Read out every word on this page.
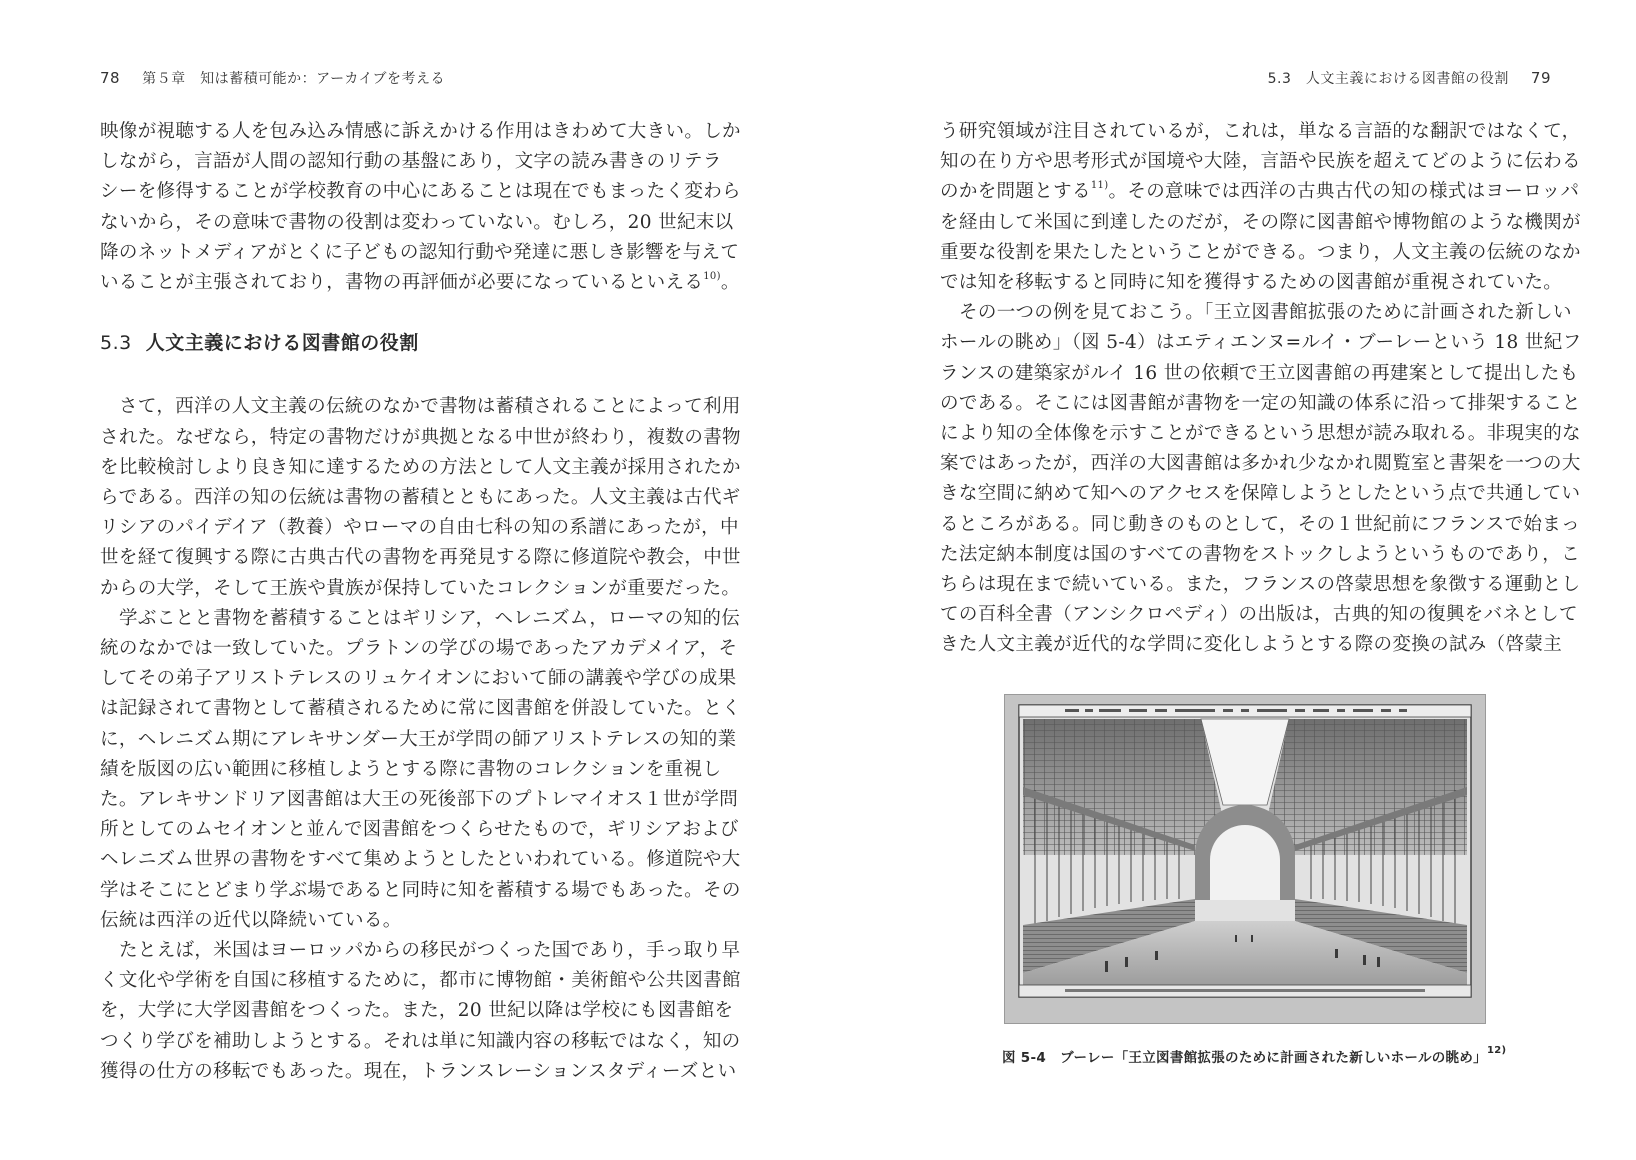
78 第５章　知は蓄積可能か：アーカイブを考える

映像が視聴する人を包み込み情感に訴えかける作用はきわめて大きい。しか
しながら，言語が人間の認知行動の基盤にあり，文字の読み書きのリテラ
シーを修得することが学校教育の中心にあることは現在でもまったく変わら
ないから，その意味で書物の役割は変わっていない。むしろ，20 世紀末以
降のネットメディアがとくに子どもの認知行動や発達に悪しき影響を与えて
いることが主張されており，書物の再評価が必要になっているといえる$^{10)}$。

5.3 人文主義における図書館の役割

さて，西洋の人文主義の伝統のなかで書物は蓄積されることによって利用
された。なぜなら，特定の書物だけが典拠となる中世が終わり，複数の書物
を比較検討しより良き知に達するための方法として人文主義が採用されたか
らである。西洋の知の伝統は書物の蓄積とともにあった。人文主義は古代ギ
リシアのパイデイア（教養）やローマの自由七科の知の系譜にあったが，中
世を経て復興する際に古典古代の書物を再発見する際に修道院や教会，中世
からの大学，そして王族や貴族が保持していたコレクションが重要だった。

学ぶことと書物を蓄積することはギリシア，ヘレニズム，ローマの知的伝
統のなかでは一致していた。プラトンの学びの場であったアカデメイア，そ
してその弟子アリストテレスのリュケイオンにおいて師の講義や学びの成果
は記録されて書物として蓄積されるために常に図書館を併設していた。とく
に，ヘレニズム期にアレキサンダー大王が学問の師アリストテレスの知的業
績を版図の広い範囲に移植しようとする際に書物のコレクションを重視し
た。アレキサンドリア図書館は大王の死後部下のプトレマイオス１世が学問
所としてのムセイオンと並んで図書館をつくらせたもので，ギリシアおよび
ヘレニズム世界の書物をすべて集めようとしたといわれている。修道院や大
学はそこにとどまり学ぶ場であると同時に知を蓄積する場でもあった。その
伝統は西洋の近代以降続いている。

たとえば，米国はヨーロッパからの移民がつくった国であり，手っ取り早
く文化や学術を自国に移植するために，都市に博物館・美術館や公共図書館
を，大学に大学図書館をつくった。また，20 世紀以降は学校にも図書館を
つくり学びを補助しようとする。それは単に知識内容の移転ではなく，知の
獲得の仕方の移転でもあった。現在，トランスレーションスタディーズとい

5.3　人文主義における図書館の役割 79

う研究領域が注目されているが，これは，単なる言語的な翻訳ではなくて，
知の在り方や思考形式が国境や大陸，言語や民族を超えてどのように伝わる
のかを問題とする$^{11)}$。その意味では西洋の古典古代の知の様式はヨーロッパ
を経由して米国に到達したのだが，その際に図書館や博物館のような機関が
重要な役割を果たしたということができる。つまり，人文主義の伝統のなか
では知を移転すると同時に知を獲得するための図書館が重視されていた。

その一つの例を見ておこう。「王立図書館拡張のために計画された新しい
ホールの眺め」（図 5-4）はエティエンヌ=ルイ・ブーレーという 18 世紀フ
ランスの建築家がルイ 16 世の依頼で王立図書館の再建案として提出したも
のである。そこには図書館が書物を一定の知識の体系に沿って排架すること
により知の全体像を示すことができるという思想が読み取れる。非現実的な
案ではあったが，西洋の大図書館は多かれ少なかれ閲覧室と書架を一つの大
きな空間に納めて知へのアクセスを保障しようとしたという点で共通してい
るところがある。同じ動きのものとして，その１世紀前にフランスで始まっ
た法定納本制度は国のすべての書物をストックしようというものであり，こ
ちらは現在まで続いている。また，フランスの啓蒙思想を象徴する運動とし
ての百科全書（アンシクロペディ）の出版は，古典的知の復興をバネとして
きた人文主義が近代的な学問に変化しようとする際の変換の試み（啓蒙主

図 5-4 ブーレー「王立図書館拡張のために計画された新しいホールの眺め」$^{12)}$
